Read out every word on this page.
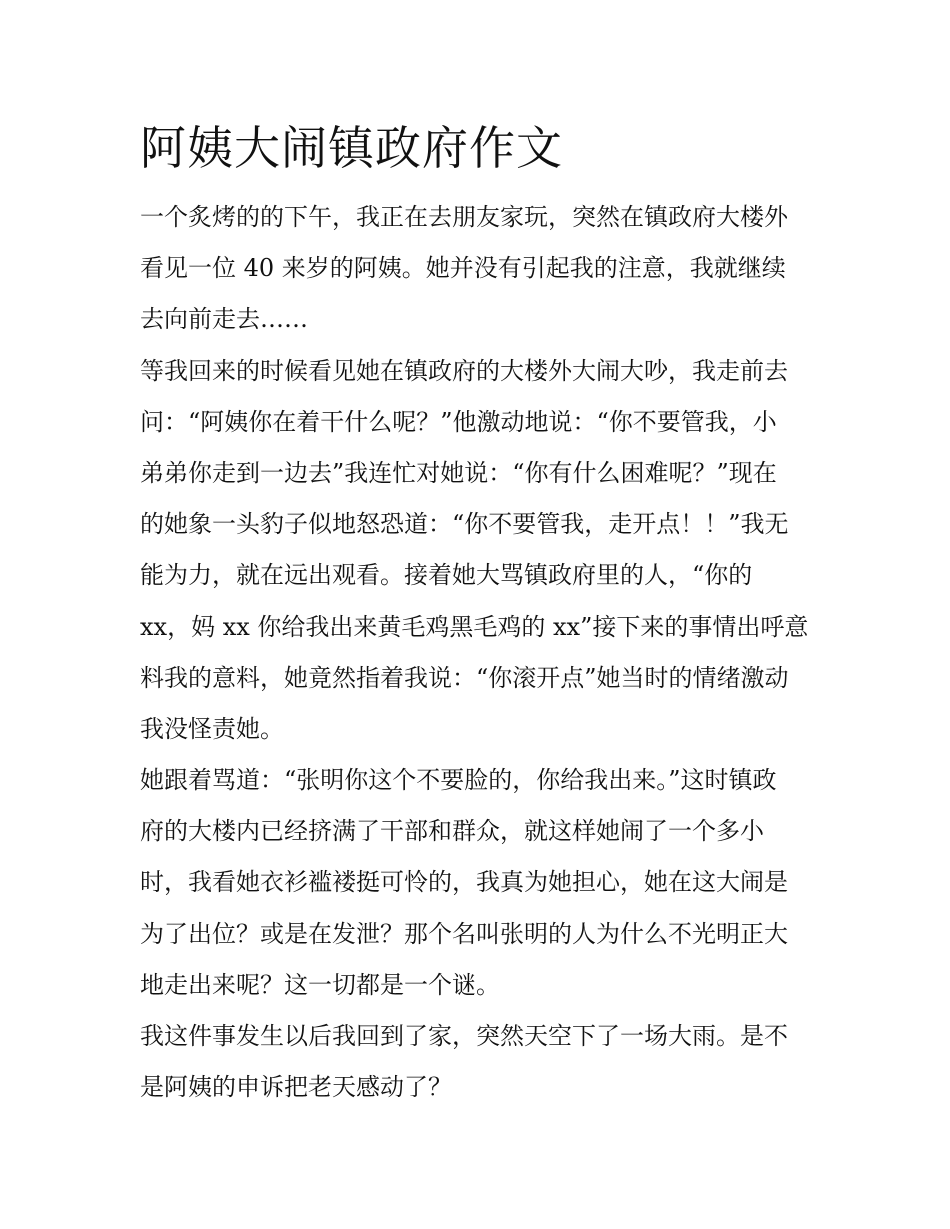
阿姨大闹镇政府作文

一个炙烤的的下午，我正在去朋友家玩，突然在镇政府大楼外
看见一位 40 来岁的阿姨。她并没有引起我的注意，我就继续
去向前走去……

等我回来的时候看见她在镇政府的大楼外大闹大吵，我走前去
问：“阿姨你在着干什么呢？”他激动地说：“你不要管我，小
弟弟你走到一边去”我连忙对她说：“你有什么困难呢？”现在
的她象一头豹子似地怒恐道：“你不要管我，走开点！！”我无
能为力，就在远出观看。接着她大骂镇政府里的人，“你的
xx，妈 xx 你给我出来黄毛鸡黑毛鸡的 xx”接下来的事情出呼意
料我的意料，她竟然指着我说：“你滚开点”她当时的情绪激动
我没怪责她。

她跟着骂道：“张明你这个不要脸的，你给我出来。”这时镇政
府的大楼内已经挤满了干部和群众，就这样她闹了一个多小
时，我看她衣衫褴褛挺可怜的，我真为她担心，她在这大闹是
为了出位？或是在发泄？那个名叫张明的人为什么不光明正大
地走出来呢？这一切都是一个谜。

我这件事发生以后我回到了家，突然天空下了一场大雨。是不
是阿姨的申诉把老天感动了？
